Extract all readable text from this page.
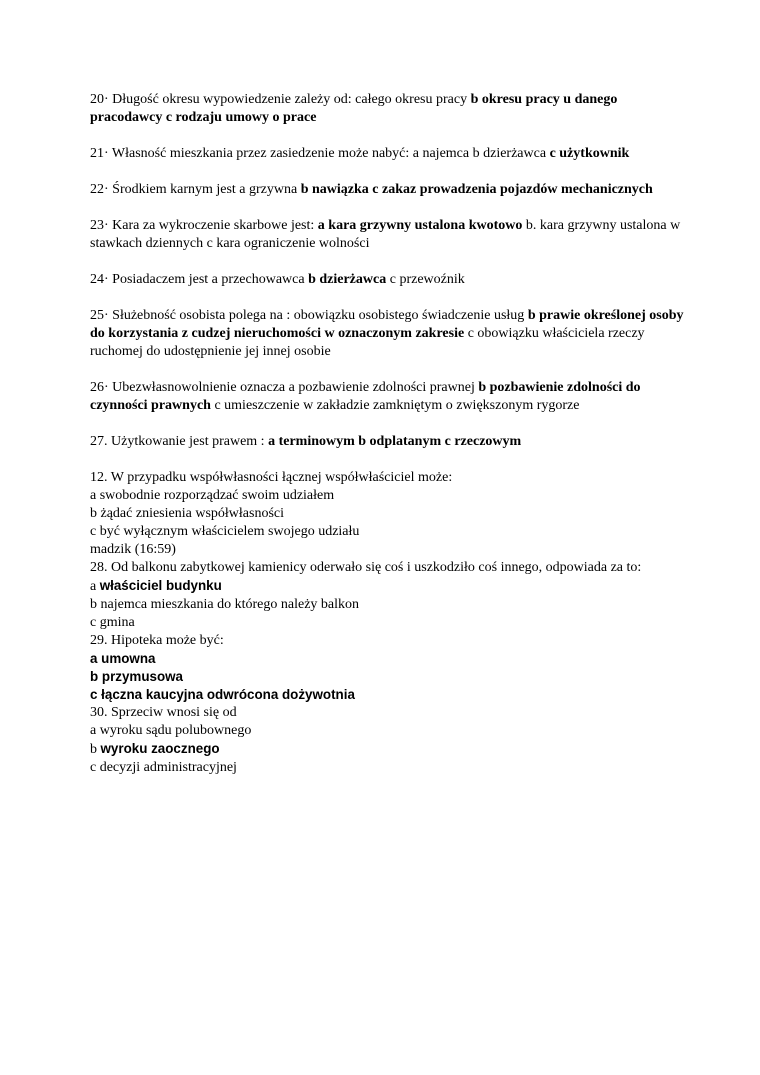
20· Długość okresu wypowiedzenie zależy od: całego okresu pracy b okresu pracy u danego pracodawcy c rodzaju umowy o prace

21· Własność mieszkania przez zasiedzenie może nabyć: a najemca b dzierżawca c użytkownik

22· Środkiem karnym jest a grzywna b nawiązka c zakaz prowadzenia pojazdów mechanicznych

23· Kara za wykroczenie skarbowe jest: a kara grzywny ustalona kwotowo b. kara grzywny ustalona w stawkach dziennych c kara ograniczenie wolności

24· Posiadaczem jest a przechowawca b dzierżawca c przewoźnik

25· Służebność osobista polega na : obowiązku osobistego świadczenie usług b prawie określonej osoby do korzystania z cudzej nieruchomości w oznaczonym zakresie c obowiązku właściciela rzeczy ruchomej do udostępnienie jej innej osobie

26· Ubezwłasnowolnienie oznacza a pozbawienie zdolności prawnej b pozbawienie zdolności do czynności prawnych c umieszczenie w zakładzie zamkniętym o zwiększonym rygorze

27. Użytkowanie jest prawem : a terminowym b odplatanym c rzeczowym

12. W przypadku współwłasności łącznej współwłaściciel może:

a swobodnie rozporządzać swoim udziałem

b żądać zniesienia współwłasności

c być wyłącznym właścicielem swojego udziału

madzik (16:59)

28. Od balkonu zabytkowej kamienicy oderwało się coś i uszkodziło coś innego, odpowiada za to:

a właściciel budynku

b najemca mieszkania do którego należy balkon

c gmina

29. Hipoteka może być:

a umowna

b przymusowa

c łączna kaucyjna odwrócona dożywotnia

30. Sprzeciw wnosi się od

a wyroku sądu polubownego

b wyroku zaocznego

c decyzji administracyjnej
